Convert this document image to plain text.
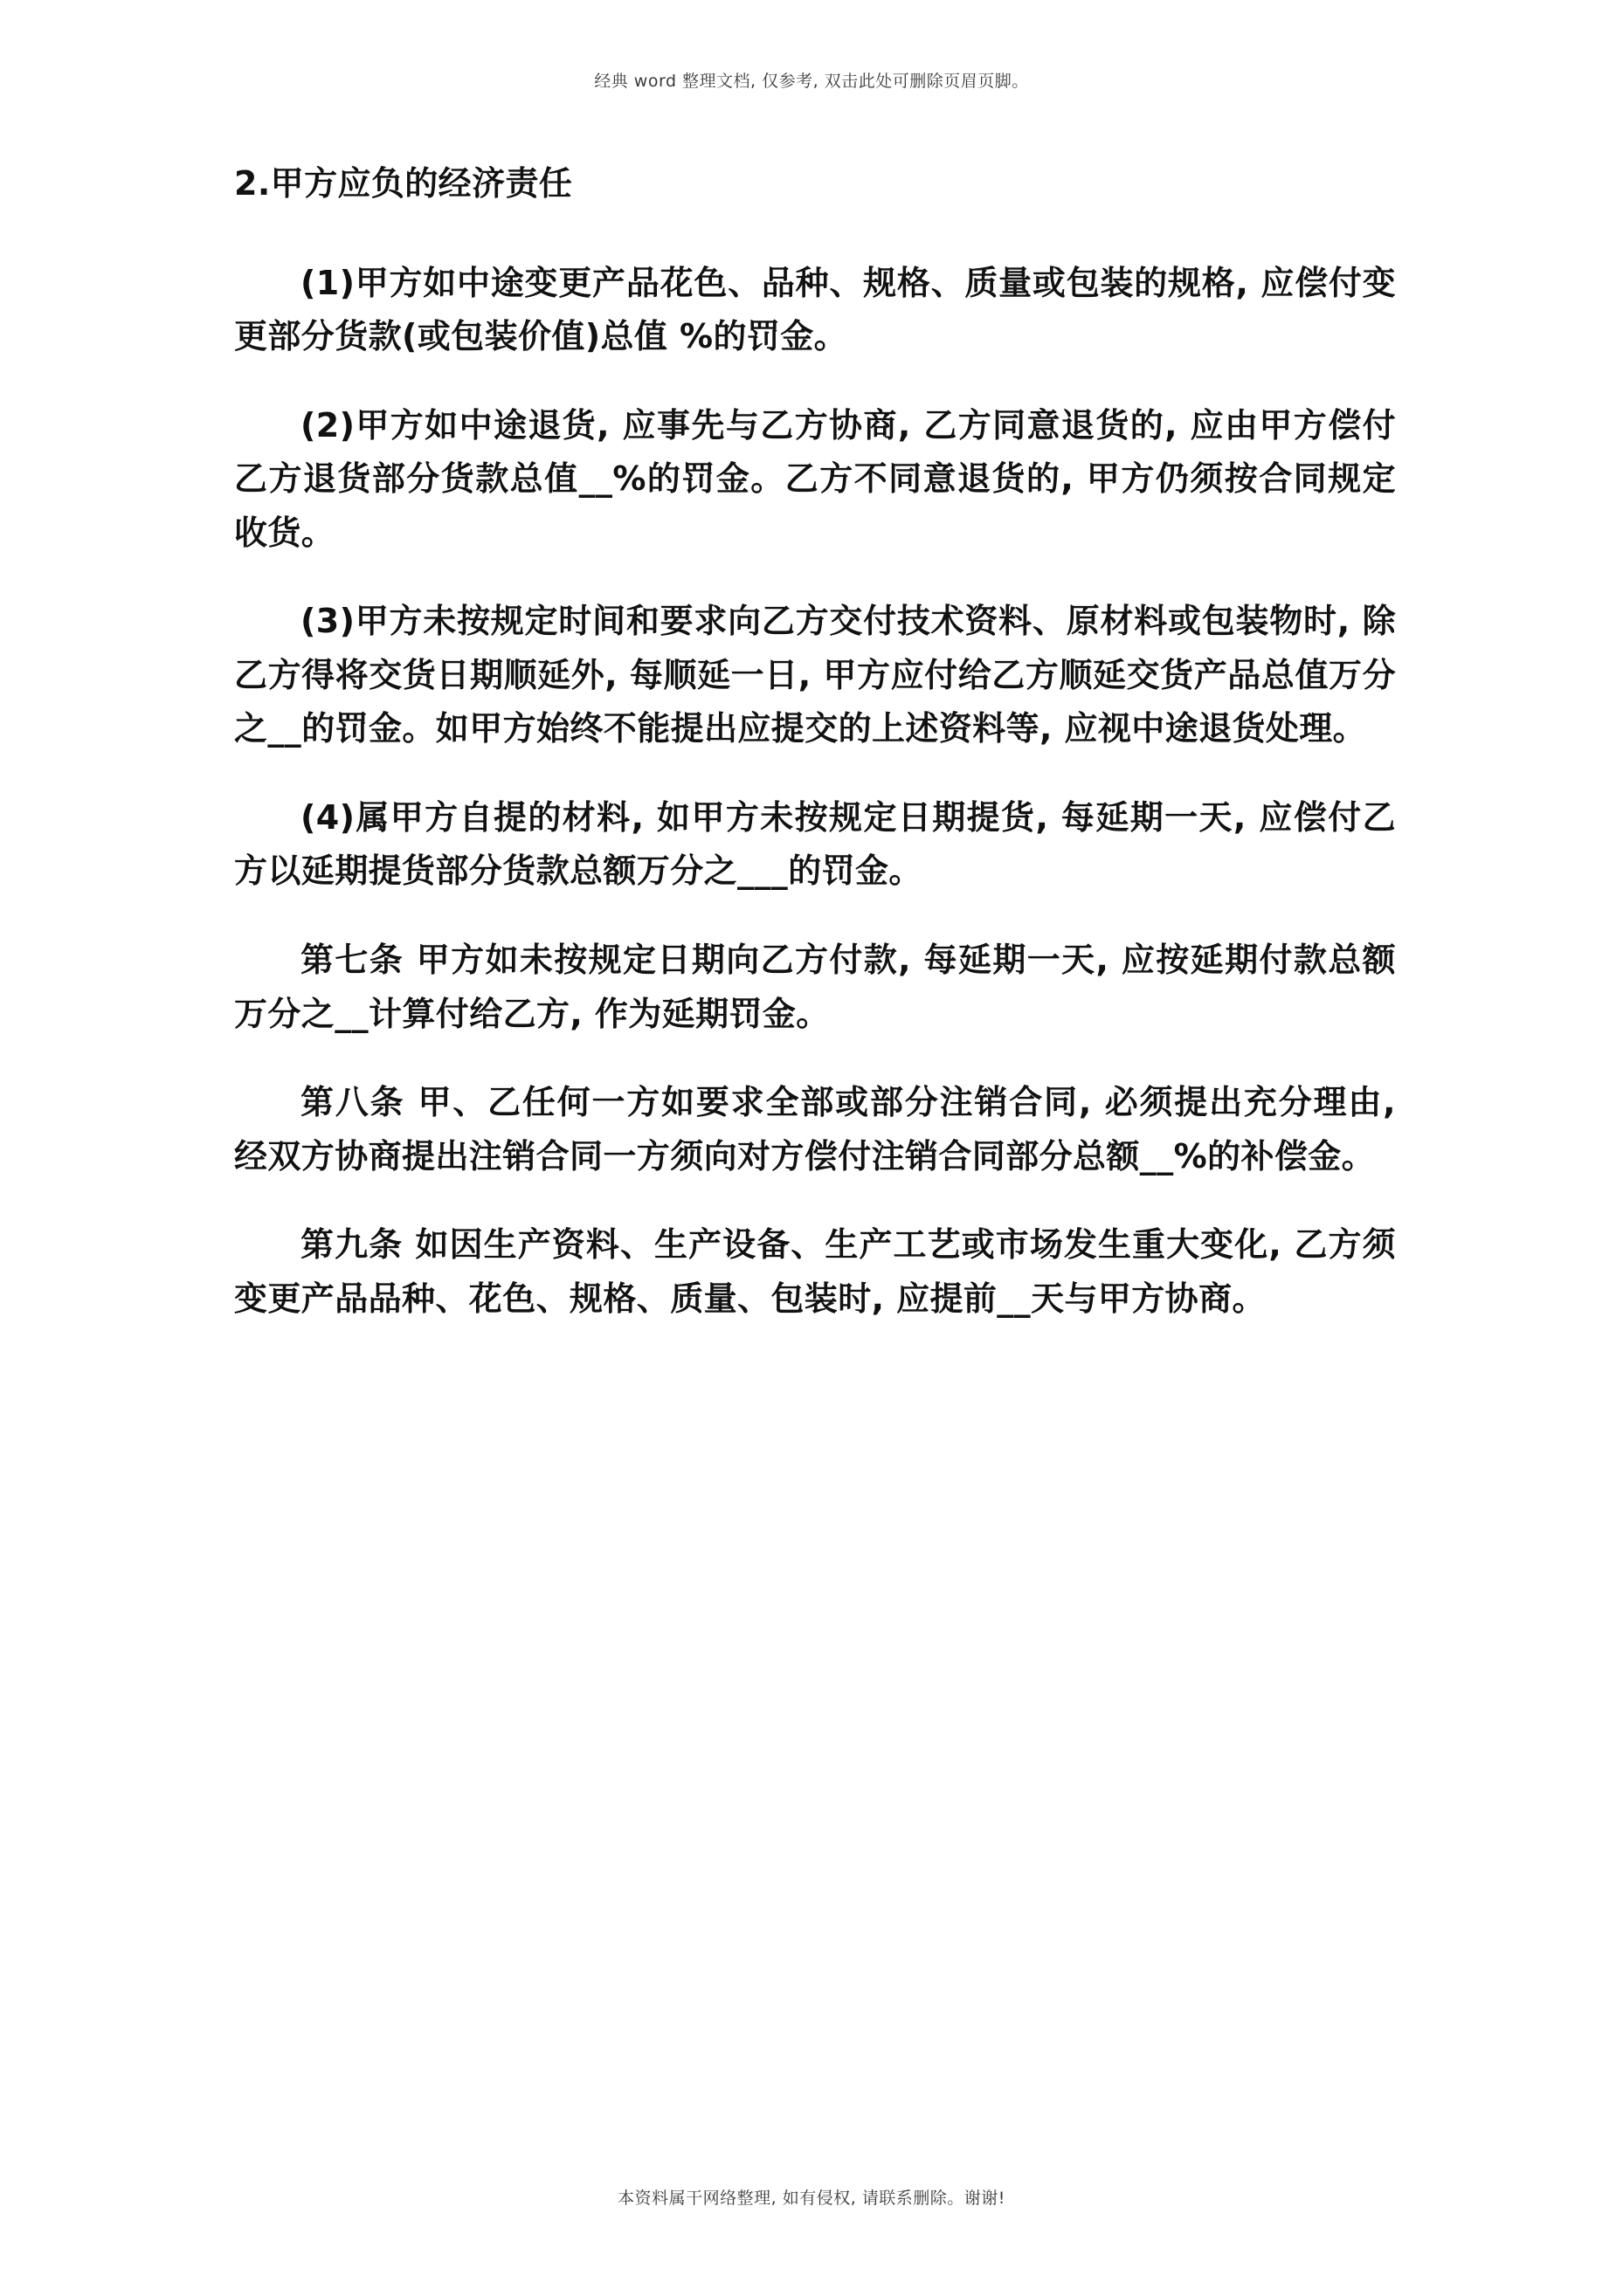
经典 word 整理文档, 仅参考, 双击此处可删除页眉页脚。

2.甲方应负的经济责任

(1)甲方如中途变更产品花色、品种、规格、质量或包装的规格, 应偿付变更部分货款(或包装价值)总值 %的罚金。

(2)甲方如中途退货, 应事先与乙方协商, 乙方同意退货的, 应由甲方偿付乙方退货部分货款总值__%的罚金。乙方不同意退货的, 甲方仍须按合同规定收货。

(3)甲方未按规定时间和要求向乙方交付技术资料、原材料或包装物时, 除乙方得将交货日期顺延外, 每顺延一日, 甲方应付给乙方顺延交货产品总值万分之__的罚金。如甲方始终不能提出应提交的上述资料等, 应视中途退货处理。

(4)属甲方自提的材料, 如甲方未按规定日期提货, 每延期一天, 应偿付乙方以延期提货部分货款总额万分之___的罚金。

第七条 甲方如未按规定日期向乙方付款, 每延期一天, 应按延期付款总额万分之__计算付给乙方, 作为延期罚金。

第八条 甲、乙任何一方如要求全部或部分注销合同, 必须提出充分理由, 经双方协商提出注销合同一方须向对方偿付注销合同部分总额__%的补偿金。

第九条 如因生产资料、生产设备、生产工艺或市场发生重大变化, 乙方须变更产品品种、花色、规格、质量、包装时, 应提前__天与甲方协商。

本资料属干网络整理, 如有侵权, 请联系删除。谢谢!
